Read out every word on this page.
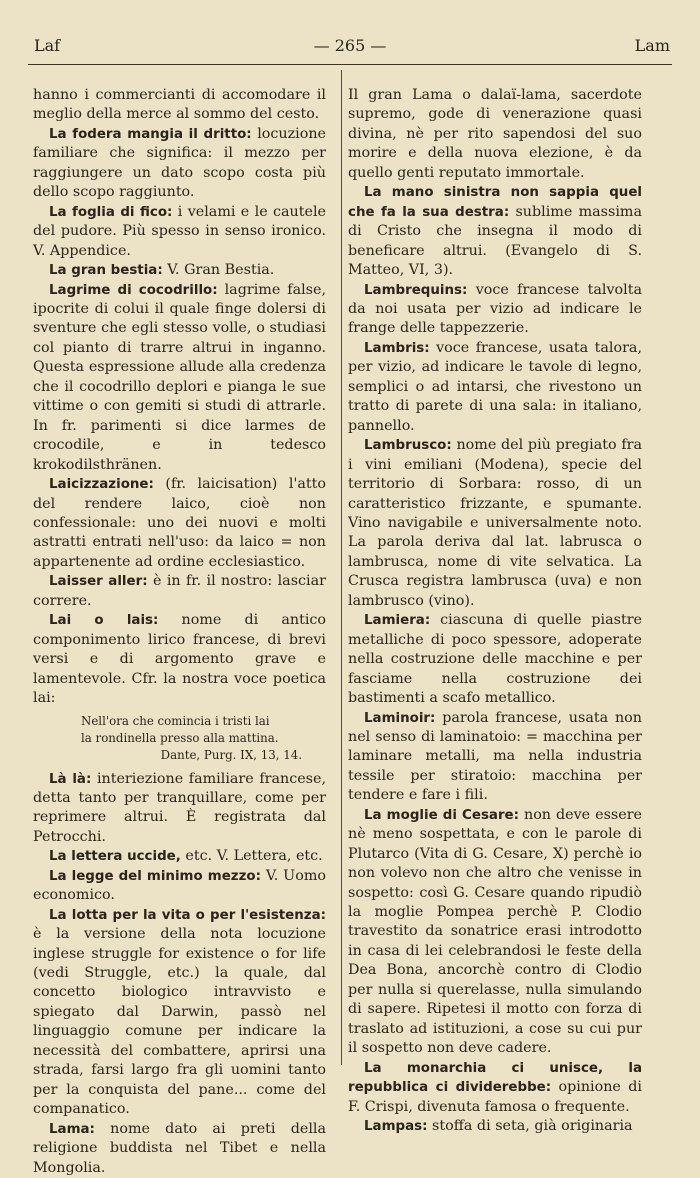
Laf	— 265 —	Lam

hanno i commercianti di accomodare il meglio della merce al sommo del cesto.

La fodera mangia il dritto: locuzione familiare che significa: il mezzo per raggiungere un dato scopo costa più dello scopo raggiunto.

La foglia di fico: i velami e le cautele del pudore. Più spesso in senso ironico. V. Appendice.

La gran bestia: V. Gran Bestia.

Lagrime di cocodrillo: lagrime false, ipocrite di colui il quale finge dolersi di sventure che egli stesso volle, o studiasi col pianto di trarre altrui in inganno. Questa espressione allude alla credenza che il cocodrillo deplori e pianga le sue vittime o con gemiti si studi di attrarle. In fr. parimenti si dice larmes de crocodile, e in tedesco krokodilsthränen.

Laicizzazione: (fr. laicisation) l'atto del rendere laico, cioè non confessionale: uno dei nuovi e molti astratti entrati nell'uso: da laico = non appartenente ad ordine ecclesiastico.

Laisser aller: è in fr. il nostro: lasciar correre.

Lai o lais: nome di antico componimento lirico francese, di brevi versi e di argomento grave e lamentevole. Cfr. la nostra voce poetica lai:

Nell'ora che comincia i tristi lai
la rondinella presso alla mattina.
Dante, Purg. IX, 13, 14.

Là là: interiezione familiare francese, detta tanto per tranquillare, come per reprimere altrui. È registrata dal Petrocchi.

La lettera uccide, etc. V. Lettera, etc.

La legge del minimo mezzo: V. Uomo economico.

La lotta per la vita o per l'esistenza: è la versione della nota locuzione inglese struggle for existence o for life (vedi Struggle, etc.) la quale, dal concetto biologico intravvisto e spiegato dal Darwin, passò nel linguaggio comune per indicare la necessità del combattere, aprirsi una strada, farsi largo fra gli uomini tanto per la conquista del pane... come del companatico.

Lama: nome dato ai preti della religione buddista nel Tibet e nella Mongolia.

Il gran Lama o dalaï-lama, sacerdote supremo, gode di venerazione quasi divina, nè per rito sapendosi del suo morire e della nuova elezione, è da quello genti reputato immortale.

La mano sinistra non sappia quel che fa la sua destra: sublime massima di Cristo che insegna il modo di beneficare altrui. (Evangelo di S. Matteo, VI, 3).

Lambrequins: voce francese talvolta da noi usata per vizio ad indicare le frange delle tappezzerie.

Lambris: voce francese, usata talora, per vizio, ad indicare le tavole di legno, semplici o ad intarsi, che rivestono un tratto di parete di una sala: in italiano, pannello.

Lambrusco: nome del più pregiato fra i vini emiliani (Modena), specie del territorio di Sorbara: rosso, di un caratteristico frizzante, e spumante. Vino navigabile e universalmente noto. La parola deriva dal lat. labrusca o lambrusca, nome di vite selvatica. La Crusca registra lambrusca (uva) e non lambrusco (vino).

Lamiera: ciascuna di quelle piastre metalliche di poco spessore, adoperate nella costruzione delle macchine e per fasciame nella costruzione dei bastimenti a scafo metallico.

Laminoir: parola francese, usata non nel senso di laminatoio: = macchina per laminare metalli, ma nella industria tessile per stiratoio: macchina per tendere e fare i fili.

La moglie di Cesare: non deve essere nè meno sospettata, e con le parole di Plutarco (Vita di G. Cesare, X) perchè io non volevo non che altro che venisse in sospetto: così G. Cesare quando ripudiò la moglie Pompea perchè P. Clodio travestito da sonatrice erasi introdotto in casa di lei celebrandosi le feste della Dea Bona, ancorchè contro di Clodio per nulla si querelasse, nulla simulando di sapere. Ripetesi il motto con forza di traslato ad istituzioni, a cose su cui pur il sospetto non deve cadere.

La monarchia ci unisce, la repubblica ci dividerebbe: opinione di F. Crispi, divenuta famosa o frequente.

Lampas: stoffa di seta, già originaria
